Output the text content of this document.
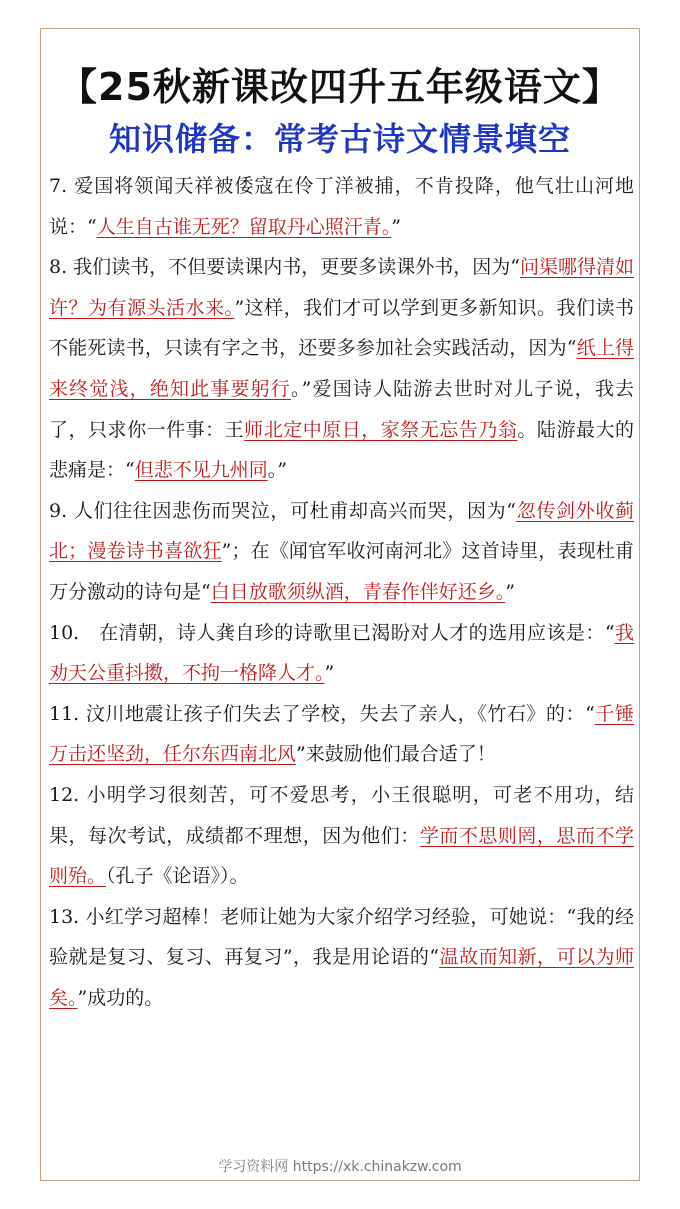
【25秋新课改四升五年级语文】
知识储备：常考古诗文情景填空

7. 爱国将领闻天祥被倭寇在伶丁洋被捕，不肯投降，他气壮山河地说：“人生自古谁无死？留取丹心照汗青。”

8. 我们读书，不但要读课内书，更要多读课外书，因为“问渠哪得清如许？为有源头活水来。”这样，我们才可以学到更多新知识。我们读书不能死读书，只读有字之书，还要多参加社会实践活动，因为“纸上得来终觉浅，绝知此事要躬行。”爱国诗人陆游去世时对儿子说，我去了，只求你一件事：王师北定中原日，家祭无忘告乃翁。陆游最大的悲痛是：“但悲不见九州同。”

9. 人们往往因悲伤而哭泣，可杜甫却高兴而哭，因为“忽传剑外收蓟北；漫卷诗书喜欲狂”；在《闻官军收河南河北》这首诗里，表现杜甫万分激动的诗句是“白日放歌须纵酒，青春作伴好还乡。”

10.　在清朝，诗人龚自珍的诗歌里已渴盼对人才的选用应该是：“我劝天公重抖擞，不拘一格降人才。”

11. 汶川地震让孩子们失去了学校，失去了亲人，《竹石》的：“千锤万击还坚劲，任尔东西南北风”来鼓励他们最合适了！

12. 小明学习很刻苦，可不爱思考，小王很聪明，可老不用功，结果，每次考试，成绩都不理想，因为他们：学而不思则罔，思而不学则殆。（孔子《论语》）。

13. 小红学习超棒！老师让她为大家介绍学习经验，可她说：“我的经验就是复习、复习、再复习”，我是用论语的“温故而知新，可以为师矣。”成功的。

学习资料网 https://xk.chinakzw.com
